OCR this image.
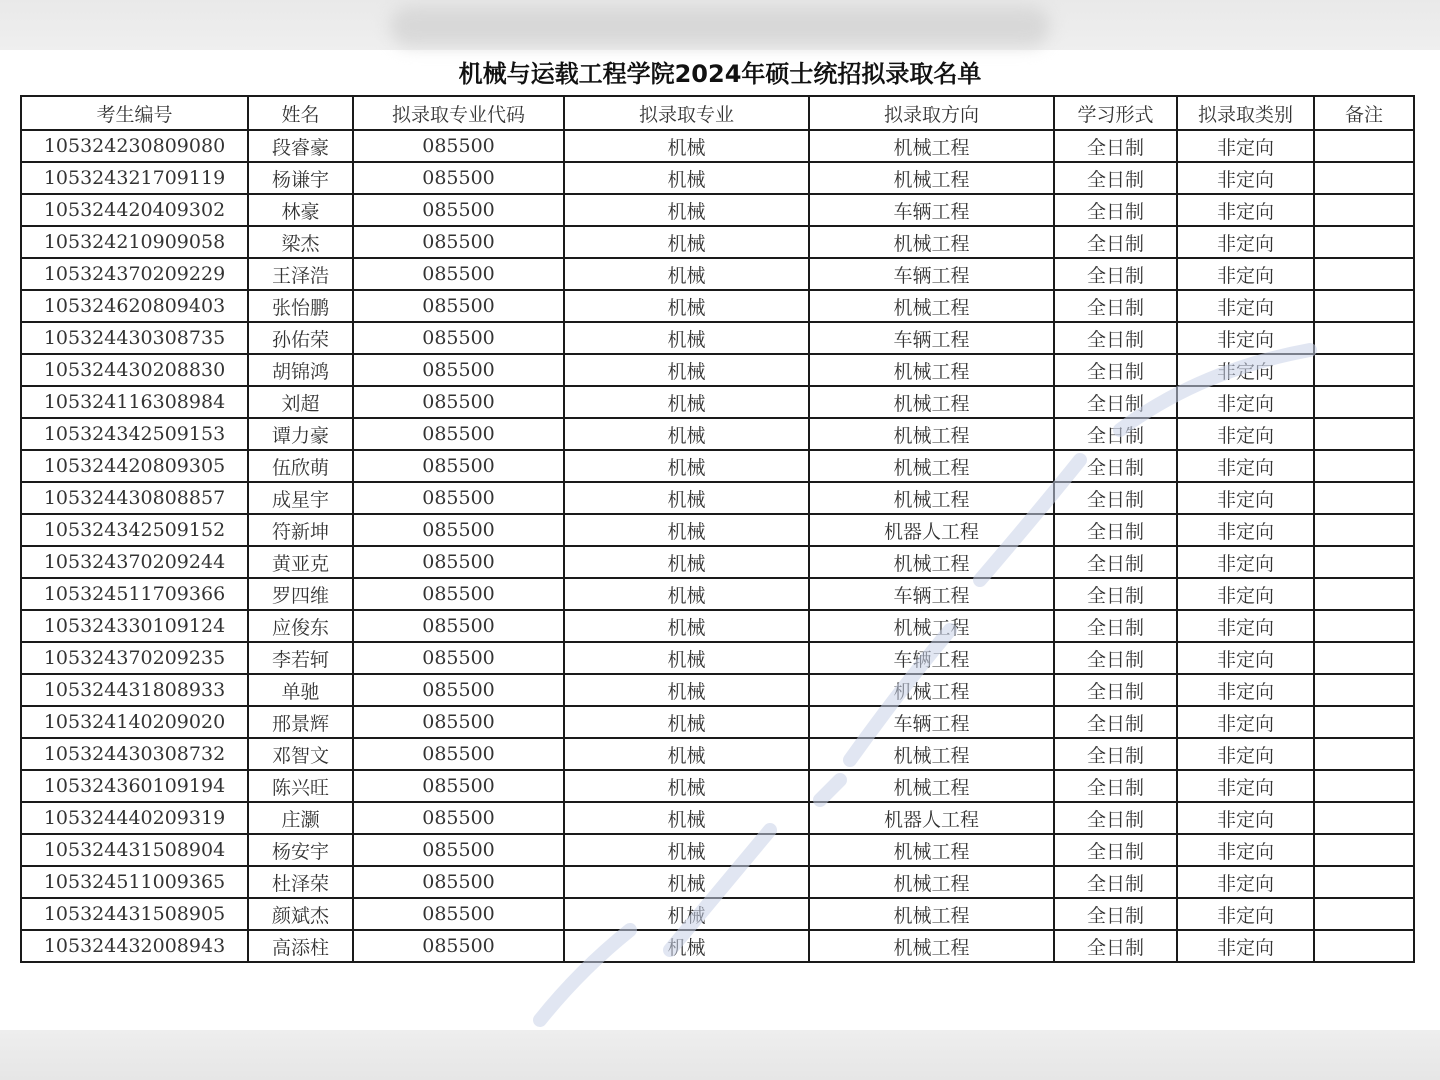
机械与运载工程学院2024年硕士统招拟录取名单
考生编号	姓名	拟录取专业代码	拟录取专业	拟录取方向	学习形式	拟录取类别	备注
105324230809080	段睿豪	085500	机械	机械工程	全日制	非定向	
105324321709119	杨谦宇	085500	机械	机械工程	全日制	非定向	
105324420409302	林豪	085500	机械	车辆工程	全日制	非定向	
105324210909058	梁杰	085500	机械	机械工程	全日制	非定向	
105324370209229	王泽浩	085500	机械	车辆工程	全日制	非定向	
105324620809403	张怡鹏	085500	机械	机械工程	全日制	非定向	
105324430308735	孙佑荣	085500	机械	车辆工程	全日制	非定向	
105324430208830	胡锦鸿	085500	机械	机械工程	全日制	非定向	
105324116308984	刘超	085500	机械	机械工程	全日制	非定向	
105324342509153	谭力豪	085500	机械	机械工程	全日制	非定向	
105324420809305	伍欣萌	085500	机械	机械工程	全日制	非定向	
105324430808857	成星宇	085500	机械	机械工程	全日制	非定向	
105324342509152	符新坤	085500	机械	机器人工程	全日制	非定向	
105324370209244	黄亚克	085500	机械	机械工程	全日制	非定向	
105324511709366	罗四维	085500	机械	车辆工程	全日制	非定向	
105324330109124	应俊东	085500	机械	机械工程	全日制	非定向	
105324370209235	李若轲	085500	机械	车辆工程	全日制	非定向	
105324431808933	单驰	085500	机械	机械工程	全日制	非定向	
105324140209020	邢景辉	085500	机械	车辆工程	全日制	非定向	
105324430308732	邓智文	085500	机械	机械工程	全日制	非定向	
105324360109194	陈兴旺	085500	机械	机械工程	全日制	非定向	
105324440209319	庄灏	085500	机械	机器人工程	全日制	非定向	
105324431508904	杨安宇	085500	机械	机械工程	全日制	非定向	
105324511009365	杜泽荣	085500	机械	机械工程	全日制	非定向	
105324431508905	颜斌杰	085500	机械	机械工程	全日制	非定向	
105324432008943	高添柱	085500	机械	机械工程	全日制	非定向	
